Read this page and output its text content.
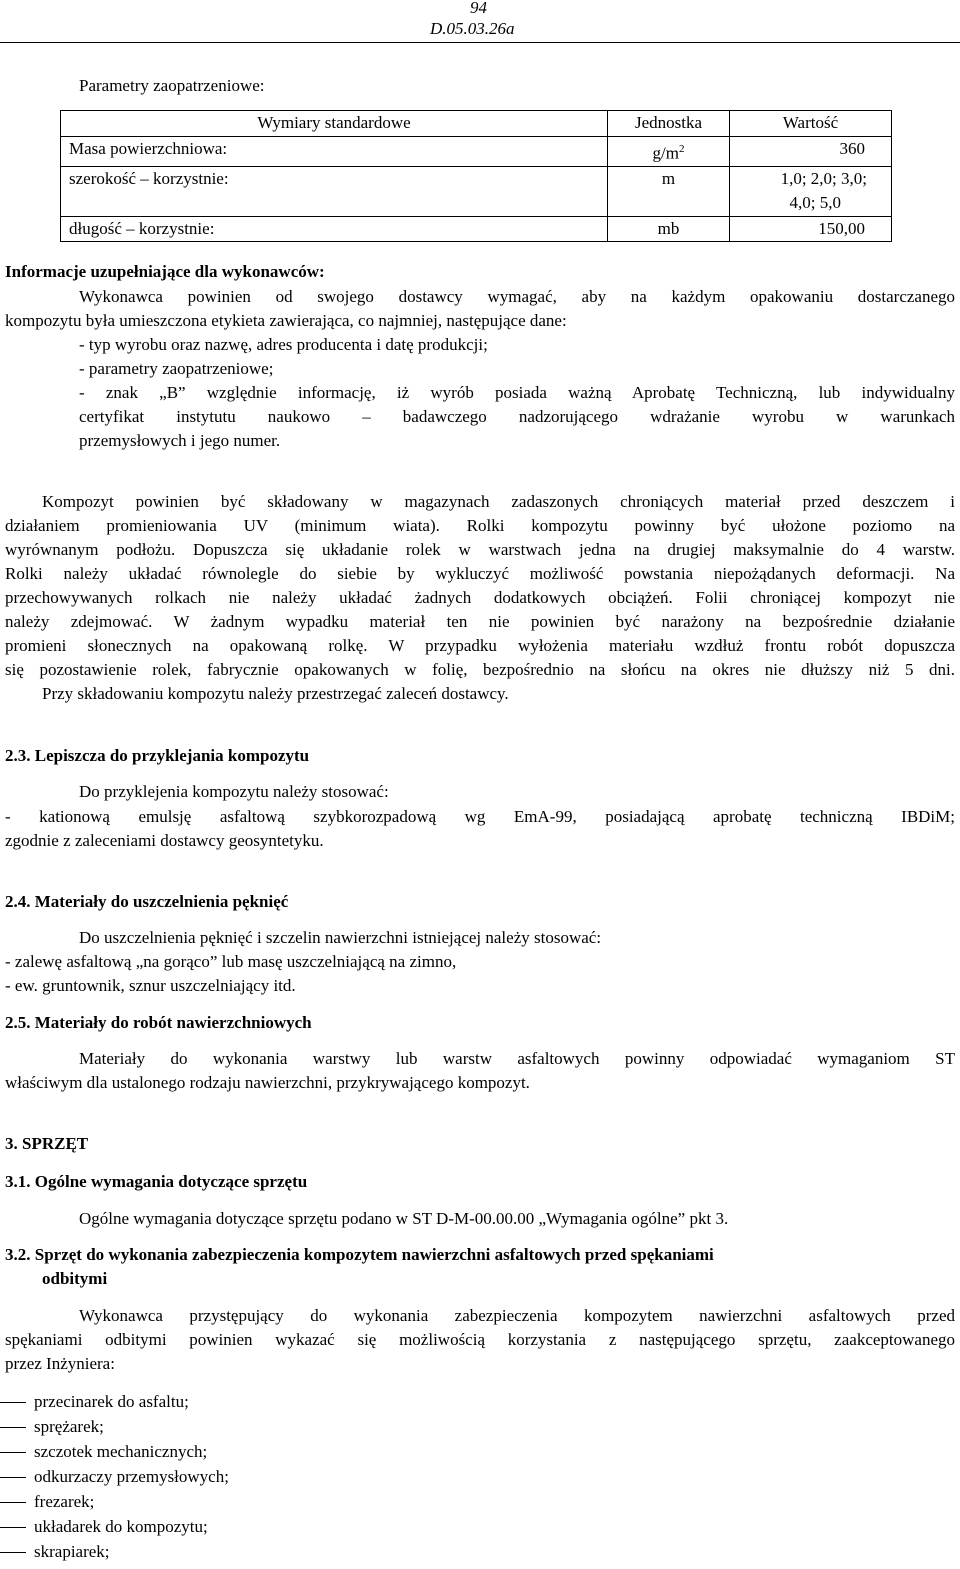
94
D.05.03.26a
Parametry zaopatrzeniowe:
Wymiary standardowe	Jednostka	Wartość
Masa powierzchniowa:	$g/m^2$	360
szerokość – korzystnie:	m	1,0; 2,0; 3,0;
		4,0; 5,0
długość – korzystnie:	mb	150,00
Informacje uzupełniające dla wykonawców:
Wykonawca powinien od swojego dostawcy wymagać, aby na każdym opakowaniu dostarczanego
kompozytu była umieszczona etykieta zawierająca, co najmniej, następujące dane:
- typ wyrobu oraz nazwę, adres producenta i datę produkcji;
- parametry zaopatrzeniowe;
- znak „B” względnie informację, iż wyrób posiada ważną Aprobatę Techniczną, lub indywidualny
certyfikat instytutu naukowo – badawczego nadzorującego wdrażanie wyrobu w warunkach
przemysłowych i jego numer.
Kompozyt powinien być składowany w magazynach zadaszonych chroniących materiał przed deszczem i
działaniem promieniowania UV (minimum wiata). Rolki kompozytu powinny być ułożone poziomo na
wyrównanym podłożu. Dopuszcza się układanie rolek w warstwach jedna na drugiej maksymalnie do 4 warstw.
Rolki należy układać równolegle do siebie by wykluczyć możliwość powstania niepożądanych deformacji. Na
przechowywanych rolkach nie należy układać żadnych dodatkowych obciążeń. Folii chroniącej kompozyt nie
należy zdejmować. W żadnym wypadku materiał ten nie powinien być narażony na bezpośrednie działanie
promieni słonecznych na opakowaną rolkę. W przypadku wyłożenia materiału wzdłuż frontu robót dopuszcza
się pozostawienie rolek, fabrycznie opakowanych w folię, bezpośrednio na słońcu na okres nie dłuższy niż 5 dni.
Przy składowaniu kompozytu należy przestrzegać zaleceń dostawcy.
2.3. Lepiszcza do przyklejania kompozytu
Do przyklejenia kompozytu należy stosować:
- kationową emulsję asfaltową szybkorozpadową wg EmA-99, posiadającą aprobatę techniczną IBDiM;
zgodnie z zaleceniami dostawcy geosyntetyku.
2.4. Materiały do uszczelnienia pęknięć
Do uszczelnienia pęknięć i szczelin nawierzchni istniejącej należy stosować:
- zalewę asfaltową „na gorąco” lub masę uszczelniającą na zimno,
- ew. gruntownik, sznur uszczelniający itd.
2.5. Materiały do robót nawierzchniowych
Materiały do wykonania warstwy lub warstw asfaltowych powinny odpowiadać wymaganiom ST
właściwym dla ustalonego rodzaju nawierzchni, przykrywającego kompozyt.
3. SPRZĘT
3.1. Ogólne wymagania dotyczące sprzętu
Ogólne wymagania dotyczące sprzętu podano w ST D-M-00.00.00 „Wymagania ogólne” pkt 3.
3.2. Sprzęt do wykonania zabezpieczenia kompozytem nawierzchni asfaltowych przed spękaniami
odbitymi
Wykonawca przystępujący do wykonania zabezpieczenia kompozytem nawierzchni asfaltowych przed
spękaniami odbitymi powinien wykazać się możliwością korzystania z następującego sprzętu, zaakceptowanego
przez Inżyniera:
przecinarek do asfaltu;
sprężarek;
szczotek mechanicznych;
odkurzaczy przemysłowych;
frezarek;
układarek do kompozytu;
skrapiarek;
